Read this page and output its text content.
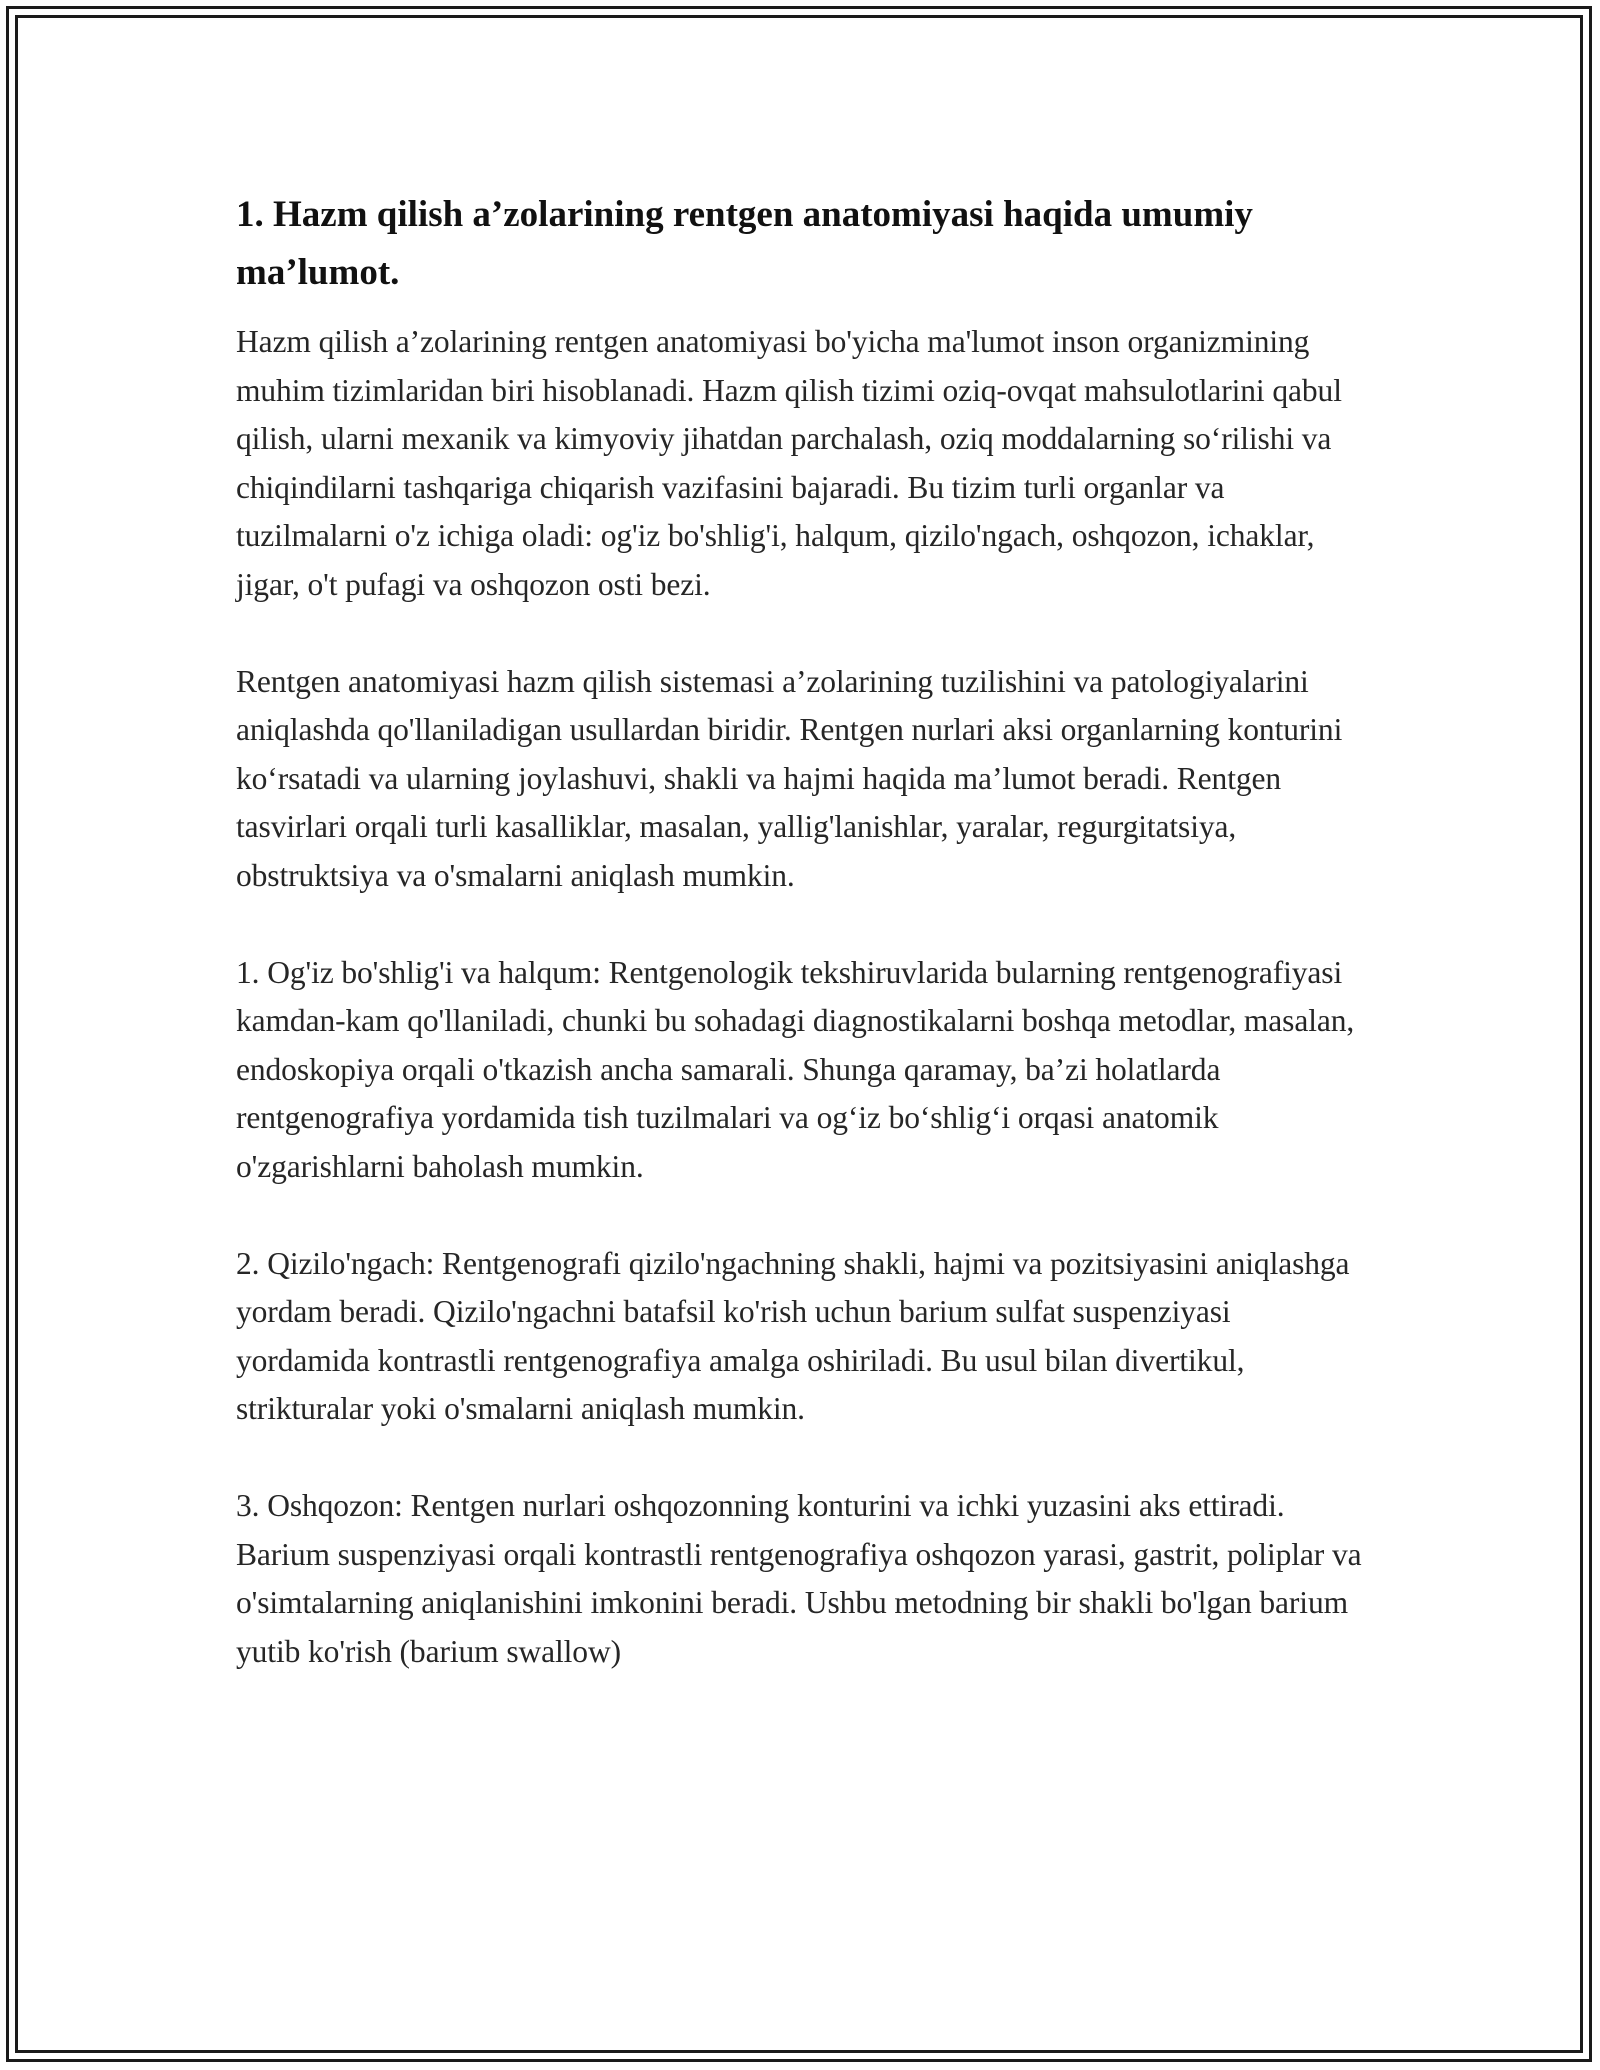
1. Hazm qilish a’zolarining rentgen anatomiyasi haqida umumiy ma’lumot.

Hazm qilish a’zolarining rentgen anatomiyasi bo'yicha ma'lumot inson organizmining muhim tizimlaridan biri hisoblanadi. Hazm qilish tizimi oziq-ovqat mahsulotlarini qabul qilish, ularni mexanik va kimyoviy jihatdan parchalash, oziq moddalarning so‘rilishi va chiqindilarni tashqariga chiqarish vazifasini bajaradi. Bu tizim turli organlar va tuzilmalarni o'z ichiga oladi: og'iz bo'shlig'i, halqum, qizilo'ngach, oshqozon, ichaklar, jigar, o't pufagi va oshqozon osti bezi.

Rentgen anatomiyasi hazm qilish sistemasi a’zolarining tuzilishini va patologiyalarini aniqlashda qo'llaniladigan usullardan biridir. Rentgen nurlari aksi organlarning konturini ko‘rsatadi va ularning joylashuvi, shakli va hajmi haqida ma’lumot beradi. Rentgen tasvirlari orqali turli kasalliklar, masalan, yallig'lanishlar, yaralar, regurgitatsiya, obstruktsiya va o'smalarni aniqlash mumkin.

1. Og'iz bo'shlig'i va halqum: Rentgenologik tekshiruvlarida bularning rentgenografiyasi kamdan-kam qo'llaniladi, chunki bu sohadagi diagnostikalarni boshqa metodlar, masalan, endoskopiya orqali o'tkazish ancha samarali. Shunga qaramay, ba’zi holatlarda rentgenografiya yordamida tish tuzilmalari va og‘iz bo‘shlig‘i orqasi anatomik o'zgarishlarni baholash mumkin.

2. Qizilo'ngach: Rentgenografi qizilo'ngachning shakli, hajmi va pozitsiyasini aniqlashga yordam beradi. Qizilo'ngachni batafsil ko'rish uchun barium sulfat suspenziyasi yordamida kontrastli rentgenografiya amalga oshiriladi. Bu usul bilan divertikul, strikturalar yoki o'smalarni aniqlash mumkin.

3. Oshqozon: Rentgen nurlari oshqozonning konturini va ichki yuzasini aks ettiradi. Barium suspenziyasi orqali kontrastli rentgenografiya oshqozon yarasi, gastrit, poliplar va o'simtalarning aniqlanishini imkonini beradi. Ushbu metodning bir shakli bo'lgan barium yutib ko'rish (barium swallow)
